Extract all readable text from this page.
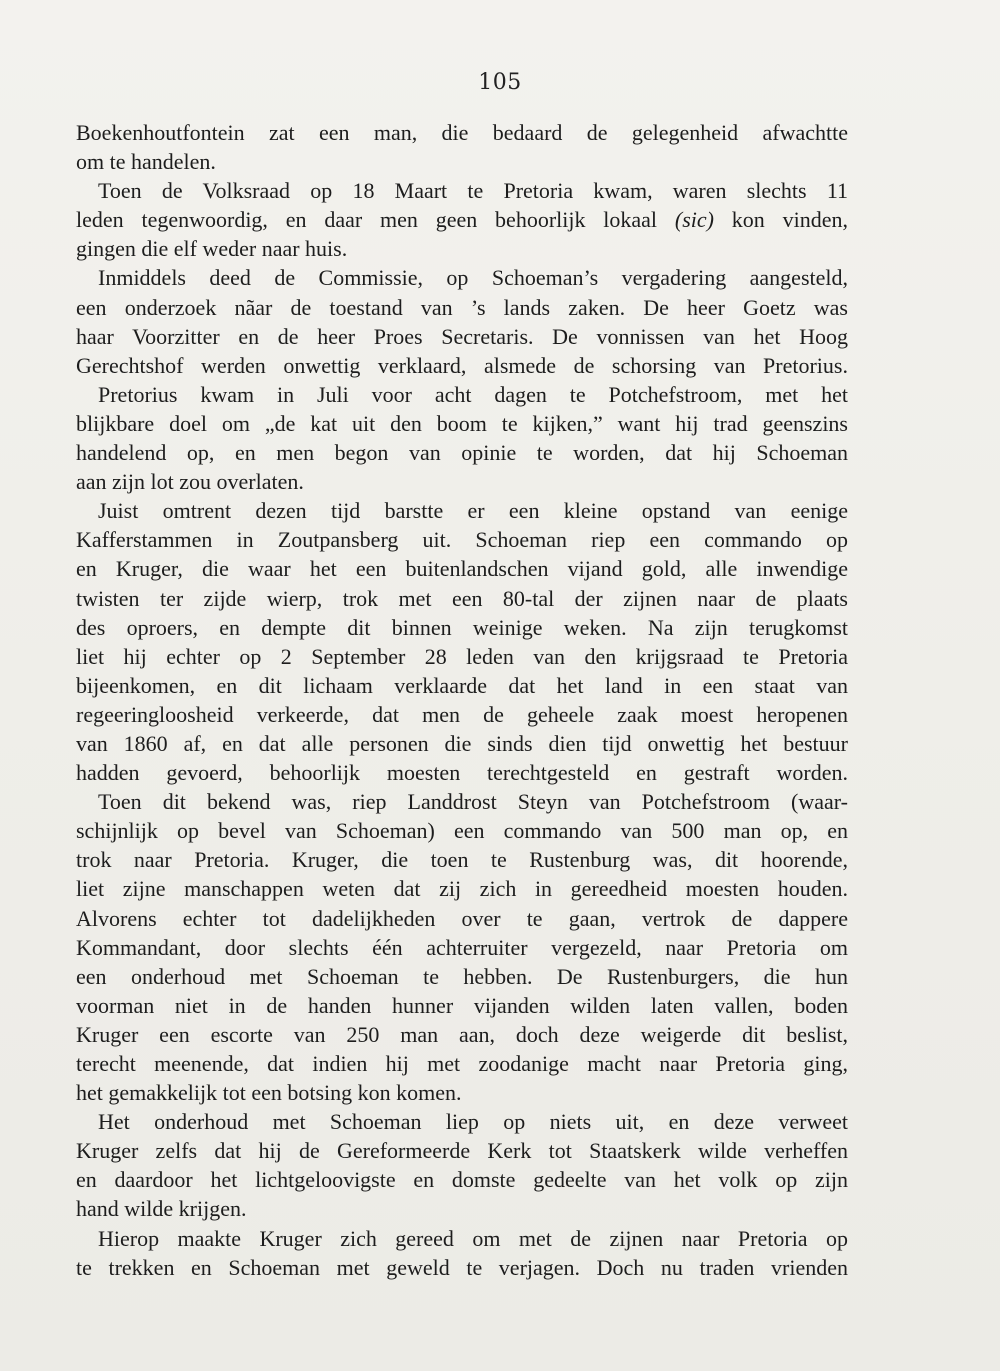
105
Boekenhoutfontein zat een man, die bedaard de gelegenheid afwachtte
om te handelen.
Toen de Volksraad op 18 Maart te Pretoria kwam, waren slechts 11
leden tegenwoordig, en daar men geen behoorlijk lokaal (sic) kon vinden,
gingen die elf weder naar huis.
Inmiddels deed de Commissie, op Schoeman’s vergadering aangesteld,
een onderzoek nãar de toestand van ’s lands zaken. De heer Goetz was
haar Voorzitter en de heer Proes Secretaris. De vonnissen van het Hoog
Gerechtshof werden onwettig verklaard, alsmede de schorsing van Pretorius.
Pretorius kwam in Juli voor acht dagen te Potchefstroom, met het
blijkbare doel om „de kat uit den boom te kijken,” want hij trad geenszins
handelend op, en men begon van opinie te worden, dat hij Schoeman
aan zijn lot zou overlaten.
Juist omtrent dezen tijd barstte er een kleine opstand van eenige
Kafferstammen in Zoutpansberg uit. Schoeman riep een commando op
en Kruger, die waar het een buitenlandschen vijand gold, alle inwendige
twisten ter zijde wierp, trok met een 80-tal der zijnen naar de plaats
des oproers, en dempte dit binnen weinige weken. Na zijn terugkomst
liet hij echter op 2 September 28 leden van den krijgsraad te Pretoria
bijeenkomen, en dit lichaam verklaarde dat het land in een staat van
regeeringloosheid verkeerde, dat men de geheele zaak moest heropenen
van 1860 af, en dat alle personen die sinds dien tijd onwettig het bestuur
hadden gevoerd, behoorlijk moesten terechtgesteld en gestraft worden.
Toen dit bekend was, riep Landdrost Steyn van Potchefstroom (waar-
schijnlijk op bevel van Schoeman) een commando van 500 man op, en
trok naar Pretoria. Kruger, die toen te Rustenburg was, dit hoorende,
liet zijne manschappen weten dat zij zich in gereedheid moesten houden.
Alvorens echter tot dadelijkheden over te gaan, vertrok de dappere
Kommandant, door slechts één achterruiter vergezeld, naar Pretoria om
een onderhoud met Schoeman te hebben. De Rustenburgers, die hun
voorman niet in de handen hunner vijanden wilden laten vallen, boden
Kruger een escorte van 250 man aan, doch deze weigerde dit beslist,
terecht meenende, dat indien hij met zoodanige macht naar Pretoria ging,
het gemakkelijk tot een botsing kon komen.
Het onderhoud met Schoeman liep op niets uit, en deze verweet
Kruger zelfs dat hij de Gereformeerde Kerk tot Staatskerk wilde verheffen
en daardoor het lichtgeloovigste en domste gedeelte van het volk op zijn
hand wilde krijgen.
Hierop maakte Kruger zich gereed om met de zijnen naar Pretoria op
te trekken en Schoeman met geweld te verjagen. Doch nu traden vrienden
